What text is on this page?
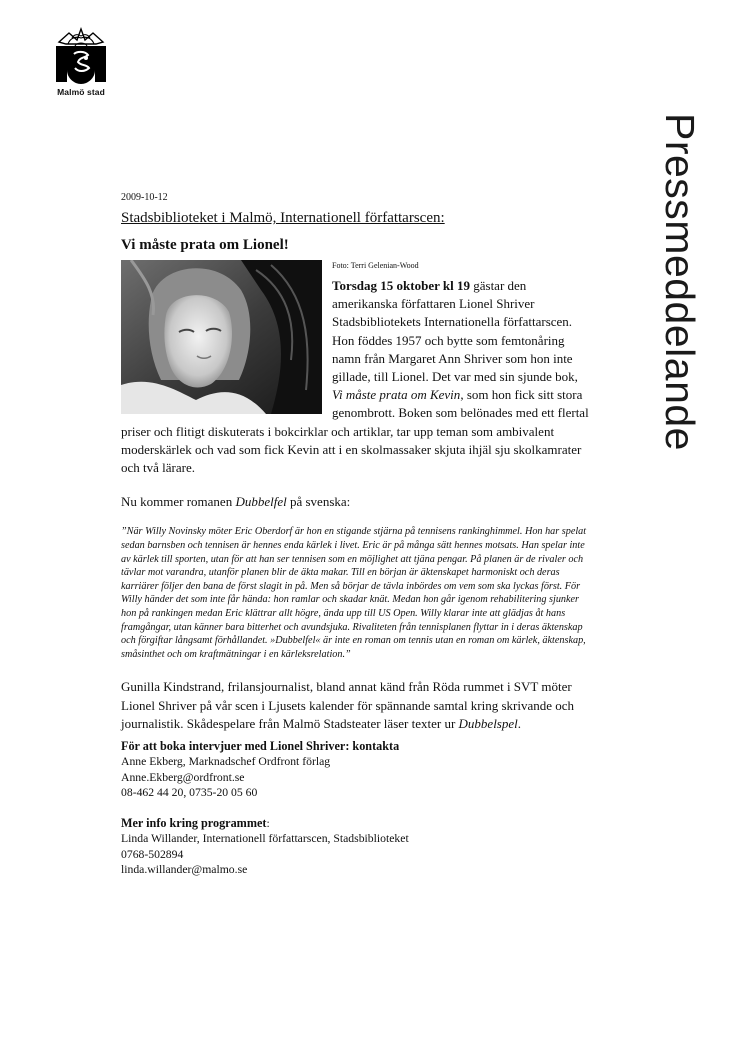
Malmö stad
Pressmeddelande

2009-10-12

Stadsbiblioteket i Malmö, Internationell författarscen:

Vi måste prata om Lionel!

Foto: Terri Gelenian-Wood

Torsdag 15 oktober kl 19 gästar den amerikanska författaren Lionel Shriver Stadsbibliotekets Internationella författarscen. Hon föddes 1957 och bytte som femtonåring namn från Margaret Ann Shriver som hon inte gillade, till Lionel. Det var med sin sjunde bok, Vi måste prata om Kevin, som hon fick sitt stora genombrott. Boken som belönades med ett flertal priser och flitigt diskuterats i bokcirklar och artiklar, tar upp teman som ambivalent moderskärlek och vad som fick Kevin att i en skolmassaker skjuta ihjäl sju skolkamrater och två lärare.

Nu kommer romanen Dubbelfel på svenska:

”När Willy Novinsky möter Eric Oberdorf är hon en stigande stjärna på tennisens rankinghimmel. Hon har spelat sedan barnsben och tennisen är hennes enda kärlek i livet. Eric är på många sätt hennes motsats. Han spelar inte av kärlek till sporten, utan för att han ser tennisen som en möjlighet att tjäna pengar. På planen är de rivaler och tävlar mot varandra, utanför planen blir de äkta makar. Till en början är äktenskapet harmoniskt och deras karriärer följer den bana de först slagit in på. Men så börjar de tävla inbördes om vem som ska lyckas först. För Willy händer det som inte får hända: hon ramlar och skadar knät. Medan hon går igenom rehabilitering sjunker hon på rankingen medan Eric klättrar allt högre, ända upp till US Open. Willy klarar inte att glädjas åt hans framgångar, utan känner bara bitterhet och avundsjuka. Rivaliteten från tennisplanen flyttar in i deras äktenskap och förgiftar långsamt förhållandet. »Dubbelfel« är inte en roman om tennis utan en roman om kärlek, äktenskap, småsinthet och om kraftmätningar i en kärleksrelation.”

Gunilla Kindstrand, frilansjournalist, bland annat känd från Röda rummet i SVT möter Lionel Shriver på vår scen i Ljusets kalender för spännande samtal kring skrivande och journalistik. Skådespelare från Malmö Stadsteater läser texter ur Dubbelspel.

För att boka intervjuer med Lionel Shriver: kontakta

Anne Ekberg, Marknadschef Ordfront förlag

Anne.Ekberg@ordfront.se

08-462 44 20, 0735-20 05 60

Mer info kring programmet:

Linda Willander, Internationell författarscen, Stadsbiblioteket

0768-502894

linda.willander@malmo.se
